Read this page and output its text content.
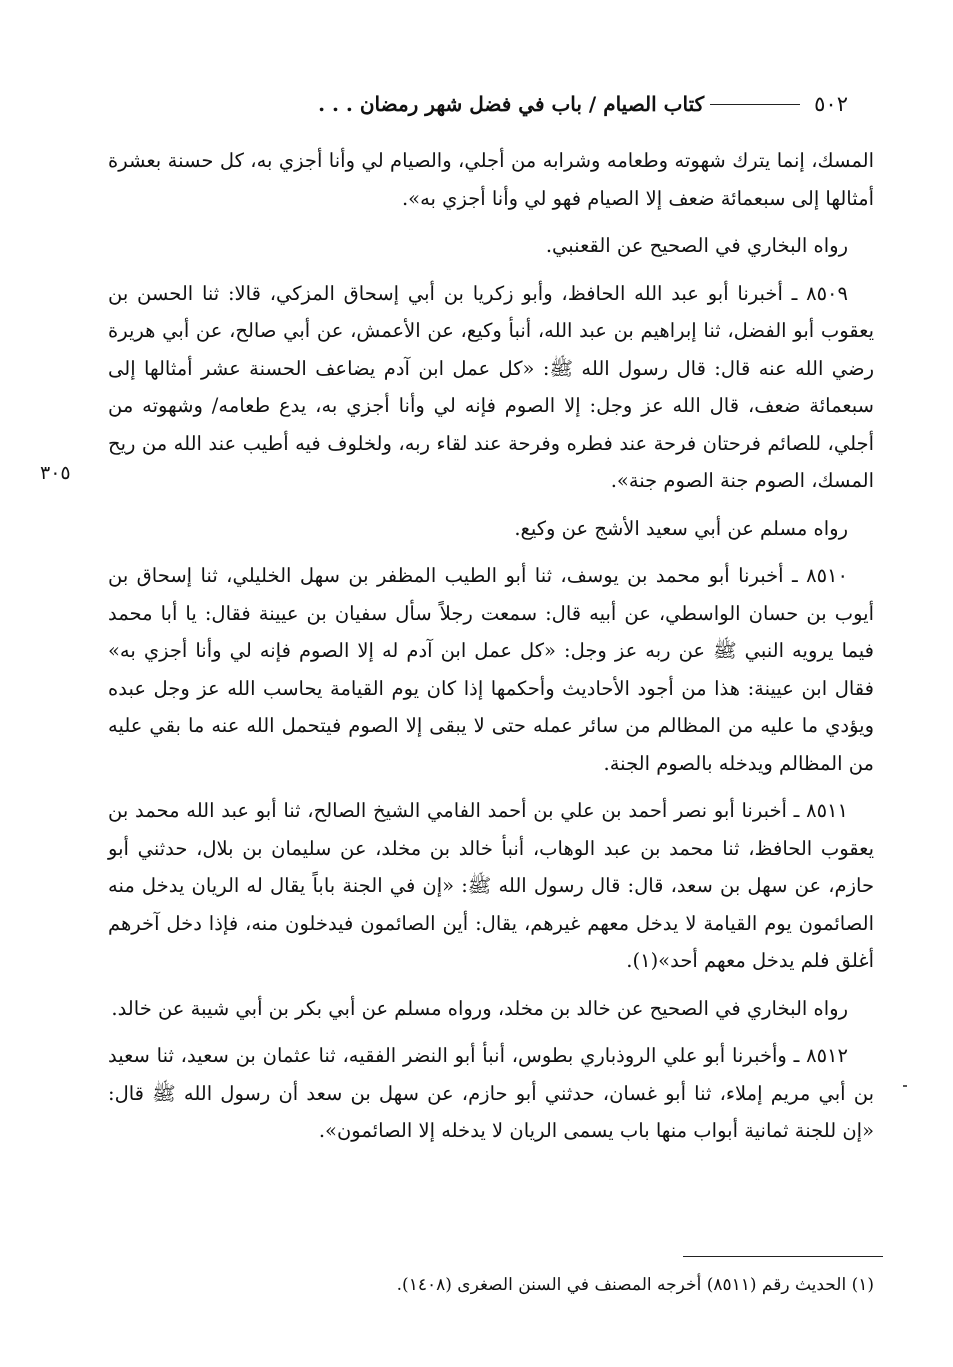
٥٠٢
كتاب الصيام / باب في فضل شهر رمضان . . .
٣٠٥

المسك، إنما يترك شهوته وطعامه وشرابه من أجلي، والصيام لي وأنا أجزي به، كل حسنة بعشرة أمثالها إلى سبعمائة ضعف إلا الصيام فهو لي وأنا أجزي به».

رواه البخاري في الصحيح عن القعنبي.

٨٥٠٩ ـ أخبرنا أبو عبد الله الحافظ، وأبو زكريا بن أبي إسحاق المزكي، قالا: ثنا الحسن بن يعقوب أبو الفضل، ثنا إبراهيم بن عبد الله، أنبأ وكيع، عن الأعمش، عن أبي صالح، عن أبي هريرة رضي الله عنه قال: قال رسول الله ﷺ: «كل عمل ابن آدم يضاعف الحسنة عشر أمثالها إلى سبعمائة ضعف، قال الله عز وجل: إلا الصوم فإنه لي وأنا أجزي به، يدع طعامه/ وشهوته من أجلي، للصائم فرحتان فرحة عند فطره وفرحة عند لقاء ربه، ولخلوف فيه أطيب عند الله من ريح المسك، الصوم جنة الصوم جنة».

رواه مسلم عن أبي سعيد الأشج عن وكيع.

٨٥١٠ ـ أخبرنا أبو محمد بن يوسف، ثنا أبو الطيب المظفر بن سهل الخليلي، ثنا إسحاق بن أيوب بن حسان الواسطي، عن أبيه قال: سمعت رجلاً سأل سفيان بن عيينة فقال: يا أبا محمد فيما يرويه النبي ﷺ عن ربه عز وجل: «كل عمل ابن آدم له إلا الصوم فإنه لي وأنا أجزي به» فقال ابن عيينة: هذا من أجود الأحاديث وأحكمها إذا كان يوم القيامة يحاسب الله عز وجل عبده ويؤدي ما عليه من المظالم من سائر عمله حتى لا يبقى إلا الصوم فيتحمل الله عنه ما بقي عليه من المظالم ويدخله بالصوم الجنة.

٨٥١١ ـ أخبرنا أبو نصر أحمد بن علي بن أحمد الفامي الشيخ الصالح، ثنا أبو عبد الله محمد بن يعقوب الحافظ، ثنا محمد بن عبد الوهاب، أنبأ خالد بن مخلد، عن سليمان بن بلال، حدثني أبو حازم، عن سهل بن سعد، قال: قال رسول الله ﷺ: «إن في الجنة باباً يقال له الريان يدخل منه الصائمون يوم القيامة لا يدخل معهم غيرهم، يقال: أين الصائمون فيدخلون منه، فإذا دخل آخرهم أغلق فلم يدخل معهم أحد»(١).

رواه البخاري في الصحيح عن خالد بن مخلد، ورواه مسلم عن أبي بكر بن أبي شيبة عن خالد.

٨٥١٢ ـ وأخبرنا أبو علي الروذباري بطوس، أنبأ أبو النضر الفقيه، ثنا عثمان بن سعيد، ثنا سعيد بن أبي مريم إملاء، ثنا أبو غسان، حدثني أبو حازم، عن سهل بن سعد أن رسول الله ﷺ قال: «إن للجنة ثمانية أبواب منها باب يسمى الريان لا يدخله إلا الصائمون».

(١) الحديث رقم (٨٥١١) أخرجه المصنف في السنن الصغرى (١٤٠٨).
